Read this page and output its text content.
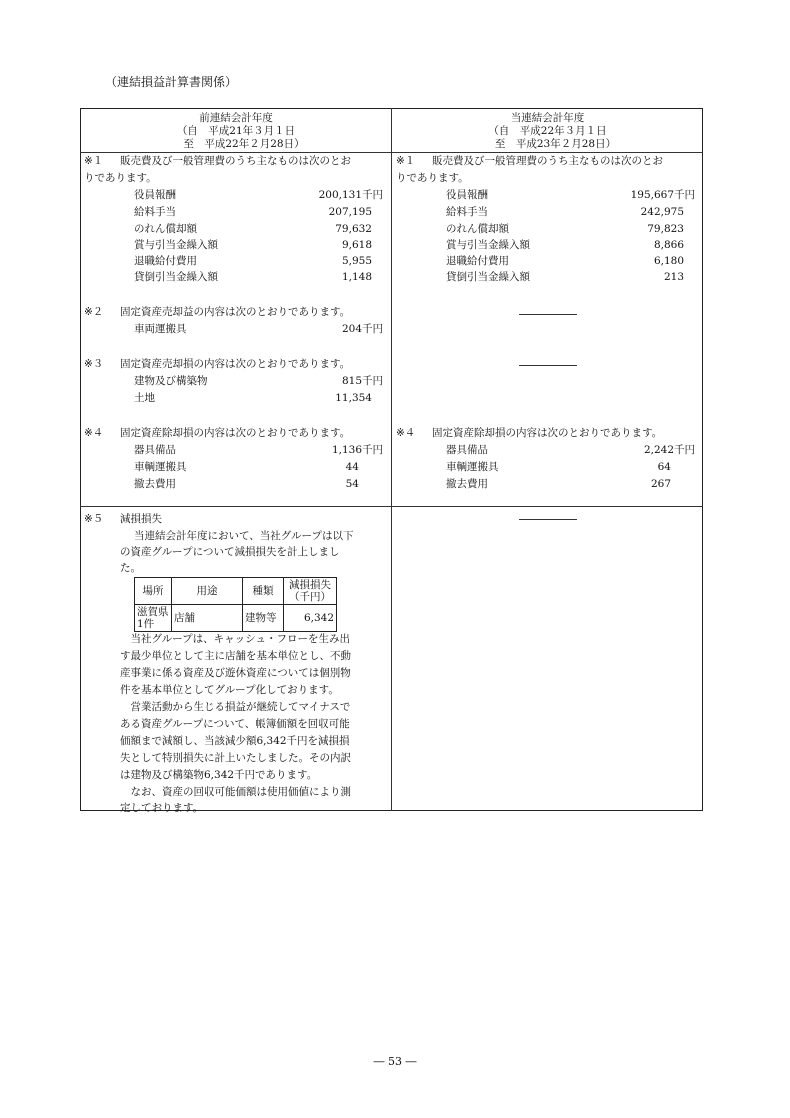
（連結損益計算書関係）
前連結会計年度
（自　平成21年３月１日
至　平成22年２月28日）
当連結会計年度
（自　平成22年３月１日
至　平成23年２月28日）
※１ 販売費及び一般管理費のうち主なものは次のとお
りであります。
役員報酬	200,131千円
給料手当	207,195
のれん償却額	79,632
賞与引当金繰入額	9,618
退職給付費用	5,955
貸倒引当金繰入額	1,148
※２ 固定資産売却益の内容は次のとおりであります。
車両運搬具	204千円
※３ 固定資産売却損の内容は次のとおりであります。
建物及び構築物	815千円
土地	11,354
※４ 固定資産除却損の内容は次のとおりであります。
器具備品	1,136千円
車輌運搬具	44
撤去費用	54
※５ 減損損失
当連結会計年度において、当社グループは以下
の資産グループについて減損損失を計上しまし
た。
場所	用途	種類	減損損失
（千円）

滋賀県
1件	店舗	建物等	6,342
　当社グループは、キャッシュ・フローを生み出
す最少単位として主に店舗を基本単位とし、不動
産事業に係る資産及び遊休資産については個別物
件を基本単位としてグループ化しております。
　営業活動から生じる損益が継続してマイナスで
ある資産グループについて、帳簿価額を回収可能
価額まで減額し、当該減少額6,342千円を減損損
失として特別損失に計上いたしました。その内訳
は建物及び構築物6,342千円であります。
　なお、資産の回収可能価額は使用価値により測
定しております。
※１ 販売費及び一般管理費のうち主なものは次のとお
りであります。
役員報酬	195,667千円
給料手当	242,975
のれん償却額	79,823
賞与引当金繰入額	8,866
退職給付費用	6,180
貸倒引当金繰入額	213
※４ 固定資産除却損の内容は次のとおりであります。
器具備品	2,242千円
車輌運搬具	64
撤去費用	267
― 53 ―
